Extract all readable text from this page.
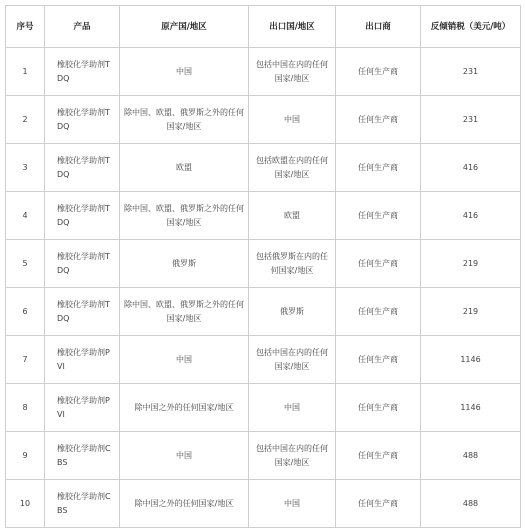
序号	产品	原产国/地区	出口国/地区	出口商	反倾销税（美元/吨）
1	橡胶化学助剂TDQ	中国	包括中国在内的任何国家/地区	任何生产商	231
2	橡胶化学助剂TDQ	除中国、欧盟、俄罗斯之外的任何国家/地区	中国	任何生产商	231
3	橡胶化学助剂TDQ	欧盟	包括欧盟在内的任何国家/地区	任何生产商	416
4	橡胶化学助剂TDQ	除中国、欧盟、俄罗斯之外的任何国家/地区	欧盟	任何生产商	416
5	橡胶化学助剂TDQ	俄罗斯	包括俄罗斯在内的任何国家/地区	任何生产商	219
6	橡胶化学助剂TDQ	除中国、欧盟、俄罗斯之外的任何国家/地区	俄罗斯	任何生产商	219
7	橡胶化学助剂PVI	中国	包括中国在内的任何国家/地区	任何生产商	1146
8	橡胶化学助剂PVI	除中国之外的任何国家/地区	中国	任何生产商	1146
9	橡胶化学助剂CBS	中国	包括中国在内的任何国家/地区	任何生产商	488
10	橡胶化学助剂CBS	除中国之外的任何国家/地区	中国	任何生产商	488
